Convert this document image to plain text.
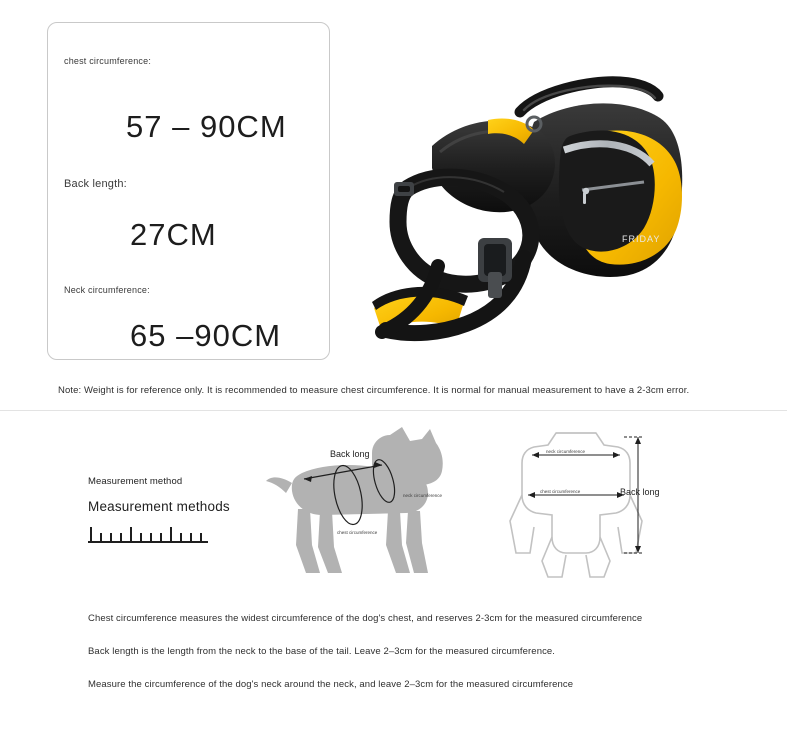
chest circumference:
57 – 90CM
Back length:
27CM
Neck circumference:
65 –90CM
FRIDAY
Note: Weight is for reference only. It is recommended to measure chest circumference. It is normal for manual measurement to have a 2-3cm error.

Measurement method

Measurement methods

Back long
neck circumference
chest circumference
neck circumference
chest circumference	Back long
Chest circumference measures the widest circumference of the dog's chest, and reserves 2-3cm for the measured circumference
Back length is the length from the neck to the base of the tail. Leave 2–3cm for the measured circumference.
Measure the circumference of the dog's neck around the neck, and leave 2–3cm for the measured circumference
